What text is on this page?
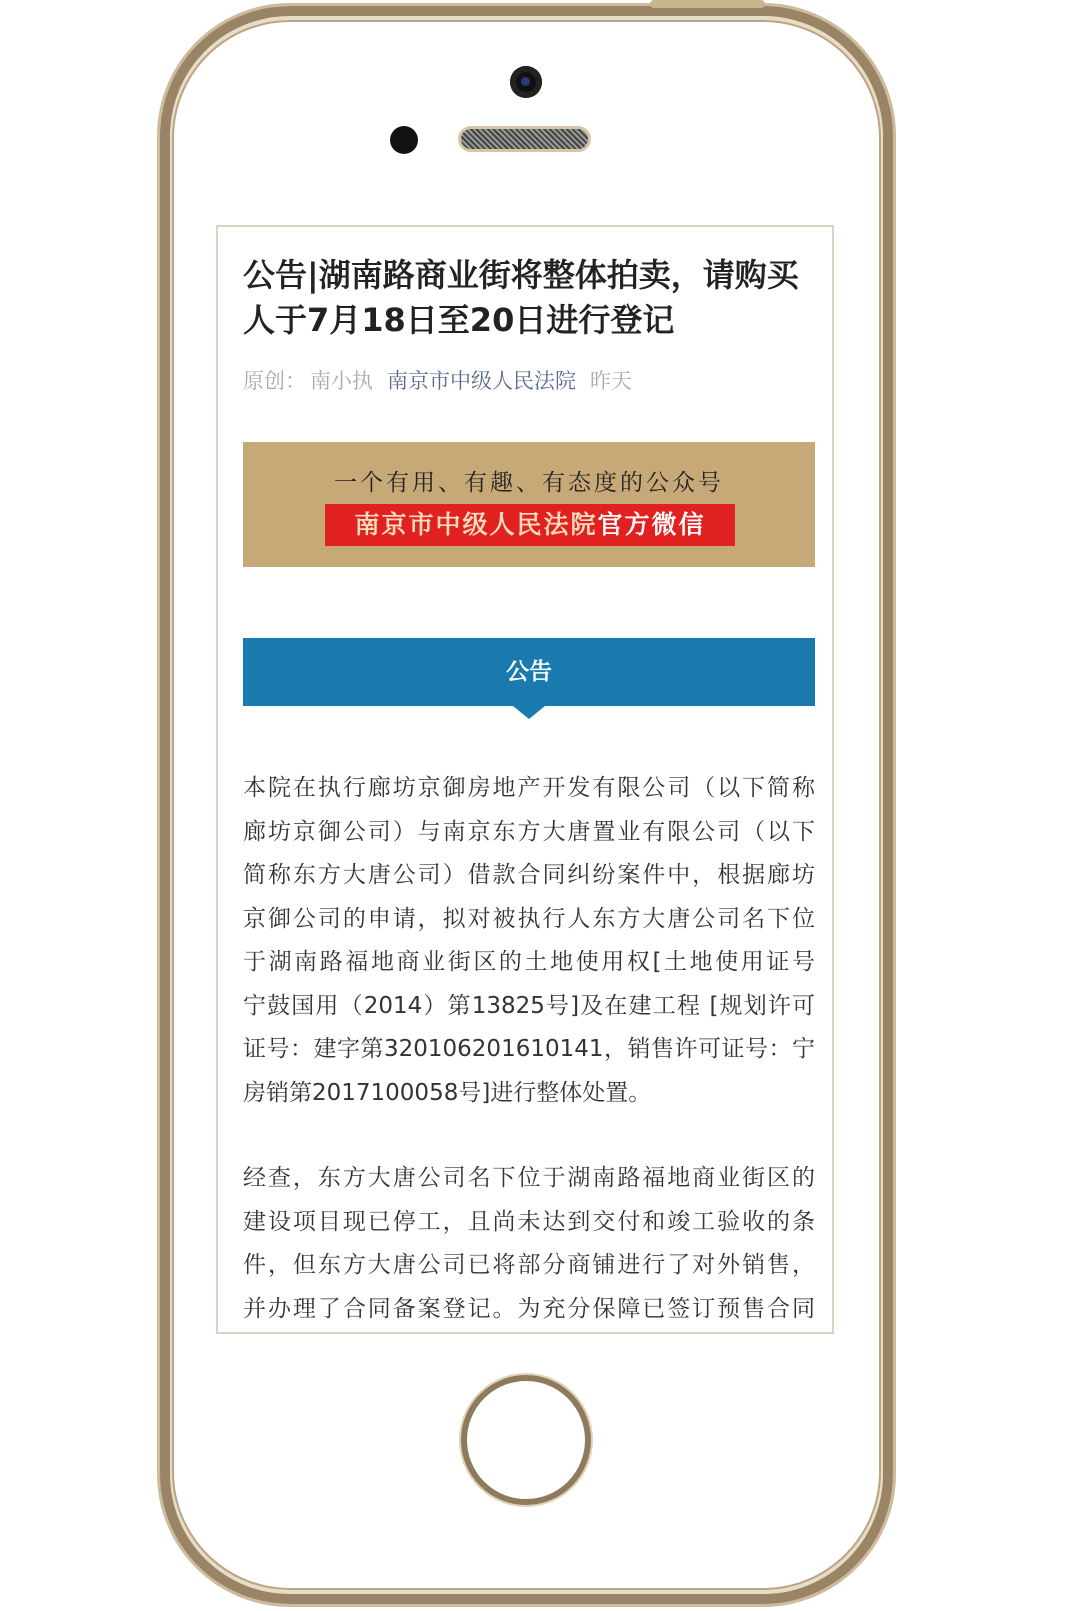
公告|湖南路商业街将整体拍卖，请购买人于7月18日至20日进行登记
原创： 南小执 南京市中级人民法院 昨天
一个有用、有趣、有态度的公众号
南京市中级人民法院官方微信
公告
本院在执行廊坊京御房地产开发有限公司（以下简称
廊坊京御公司）与南京东方大唐置业有限公司（以下
简称东方大唐公司）借款合同纠纷案件中，根据廊坊
京御公司的申请，拟对被执行人东方大唐公司名下位
于湖南路福地商业街区的土地使用权[土地使用证号
宁鼓国用（2014）第13825号]及在建工程 [规划许可
证号：建字第320106201610141，销售许可证号：宁
房销第2017100058号]进行整体处置。
经查，东方大唐公司名下位于湖南路福地商业街区的
建设项目现已停工，且尚未达到交付和竣工验收的条
件，但东方大唐公司已将部分商铺进行了对外销售，
并办理了合同备案登记。为充分保障已签订预售合同
